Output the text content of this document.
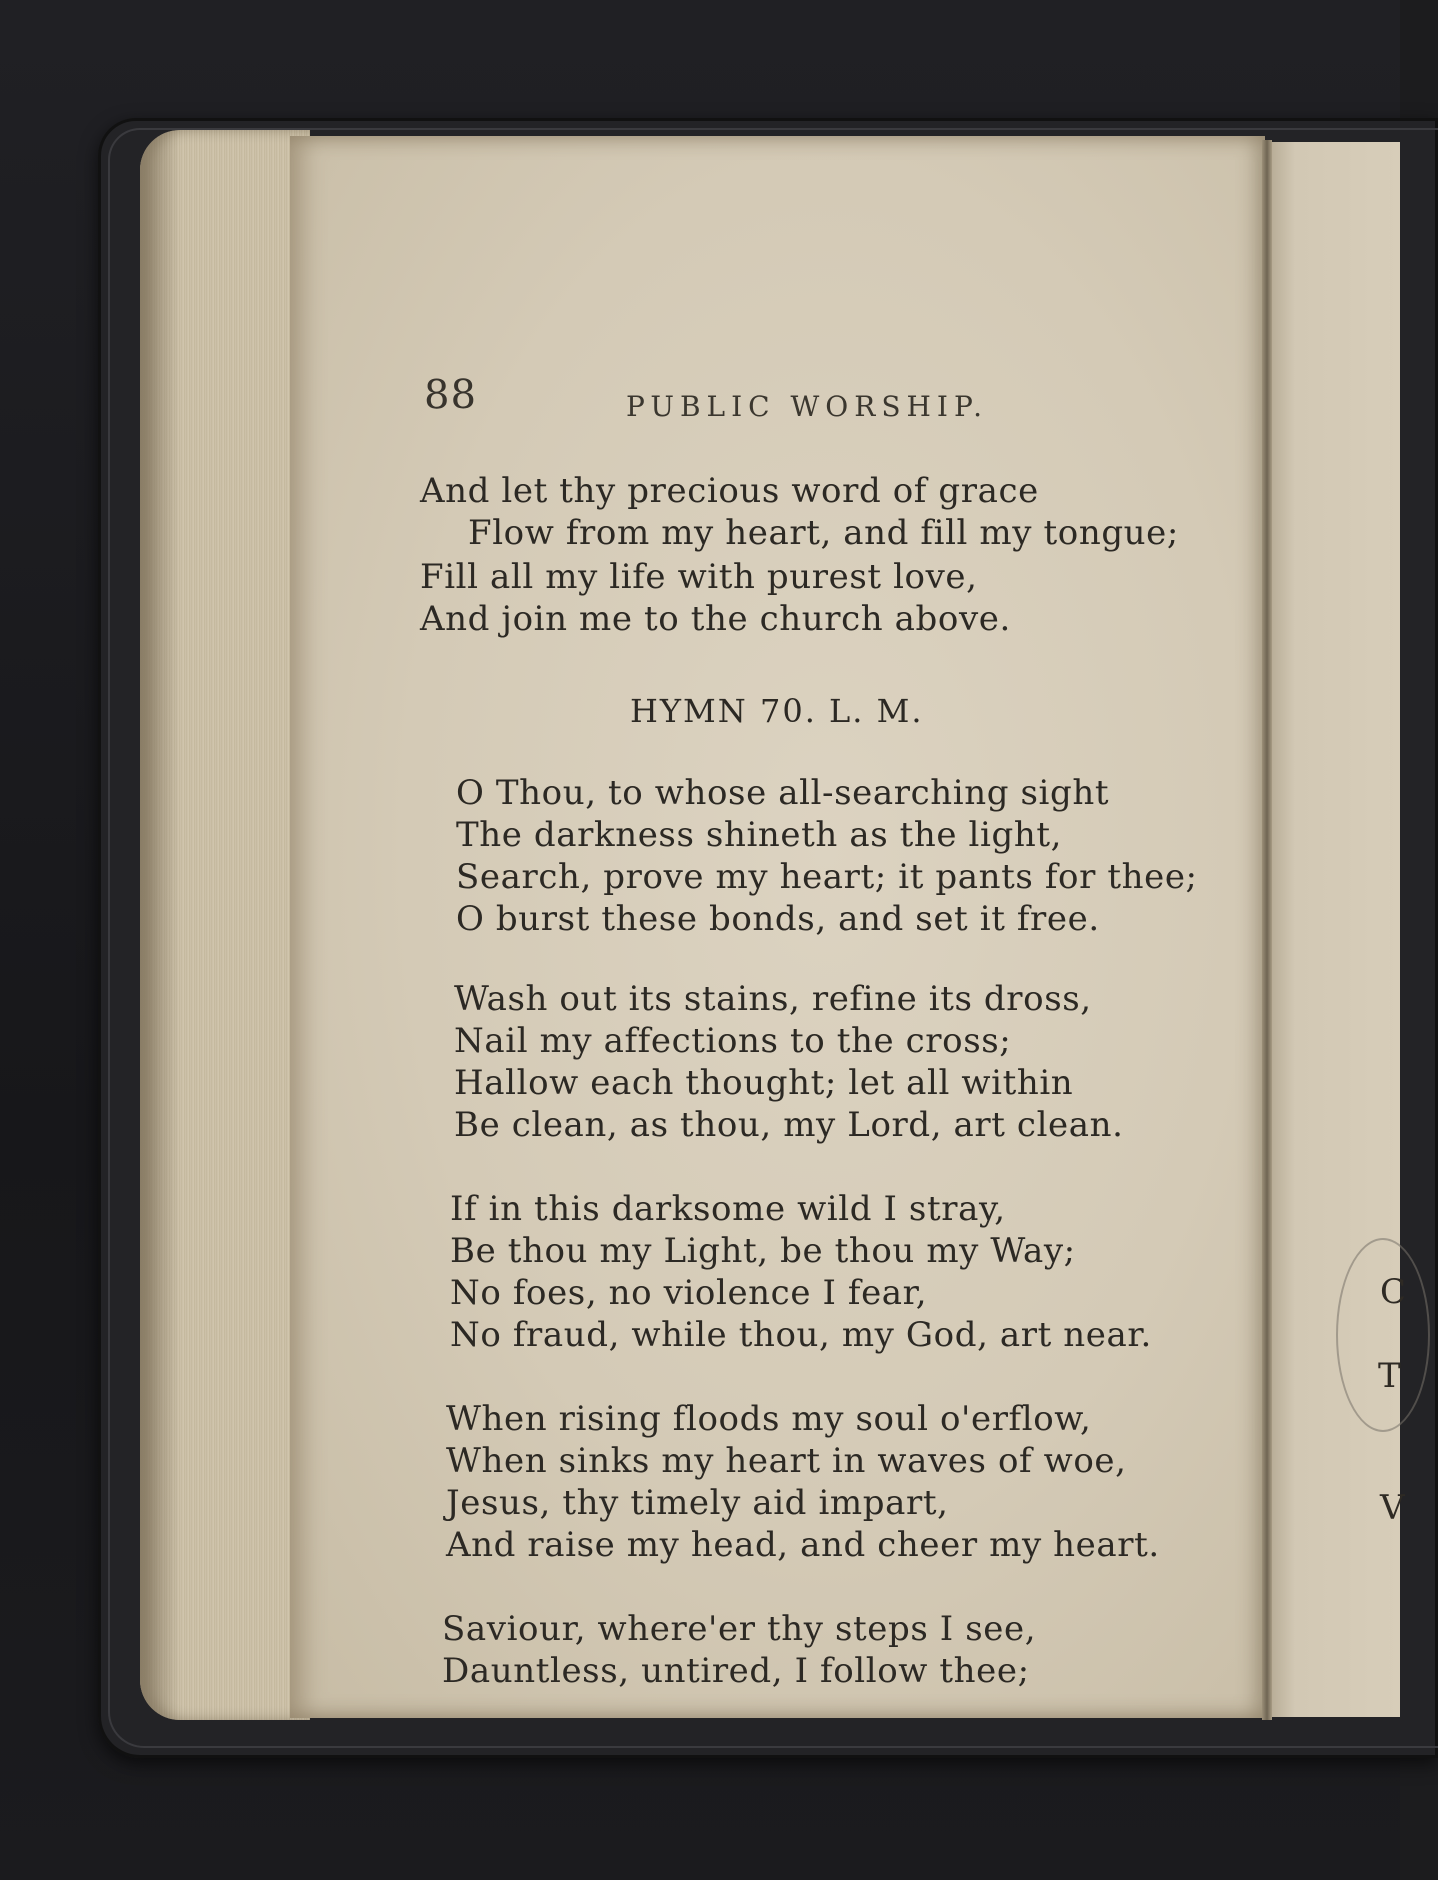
88	PUBLIC WORSHIP.
And let thy precious word of grace
Flow from my heart, and fill my tongue;
Fill all my life with purest love,
And join me to the church above.
HYMN 70. L. M.
O Thou, to whose all-searching sight
The darkness shineth as the light,
Search, prove my heart; it pants for thee;
O burst these bonds, and set it free.
Wash out its stains, refine its dross,
Nail my affections to the cross;
Hallow each thought; let all within
Be clean, as thou, my Lord, art clean.
If in this darksome wild I stray,
Be thou my Light, be thou my Way;
No foes, no violence I fear,
No fraud, while thou, my God, art near.
When rising floods my soul o'erflow,
When sinks my heart in waves of woe,
Jesus, thy timely aid impart,
And raise my head, and cheer my heart.
Saviour, where'er thy steps I see,
Dauntless, untired, I follow thee;
C
T
V
